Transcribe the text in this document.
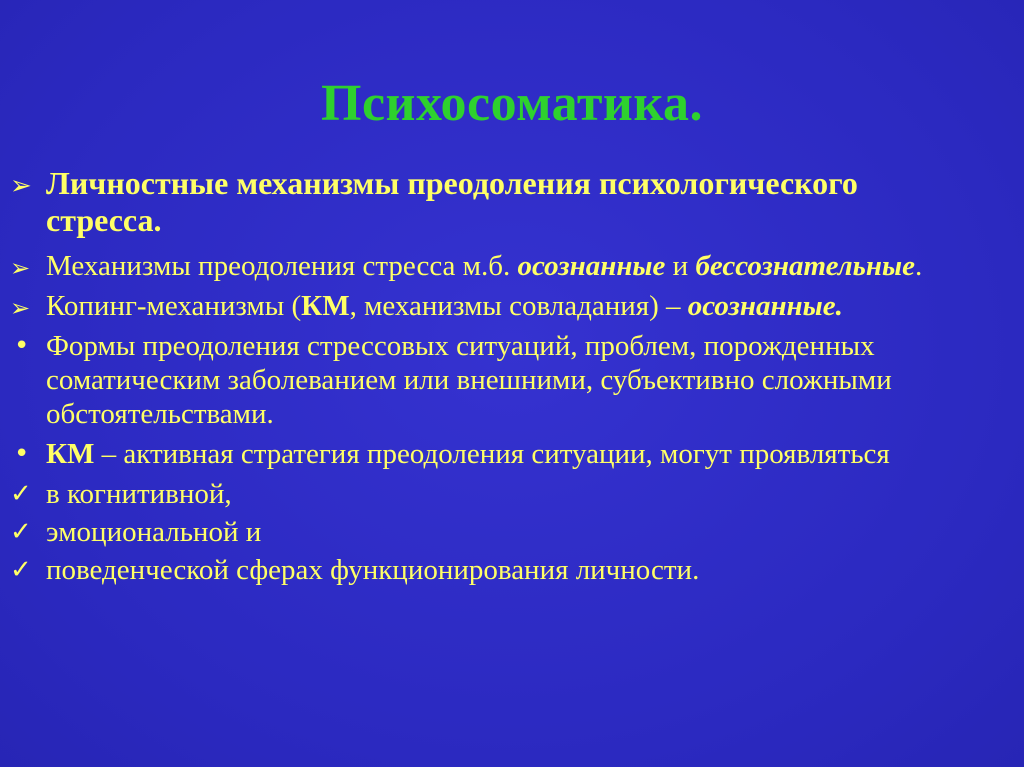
Психосоматика.
➢ Личностные механизмы преодоления психологического стресса.
➢ Механизмы преодоления стресса м.б. осознанные и бессознательные.
➢ Копинг-механизмы (КМ, механизмы совладания) – осознанные.
• Формы преодоления стрессовых ситуаций, проблем, порожденных соматическим заболеванием или внешними, субъективно сложными обстоятельствами.
• КМ – активная стратегия преодоления ситуации, могут проявляться
✓ в когнитивной,
✓ эмоциональной и
✓ поведенческой сферах функционирования личности.
